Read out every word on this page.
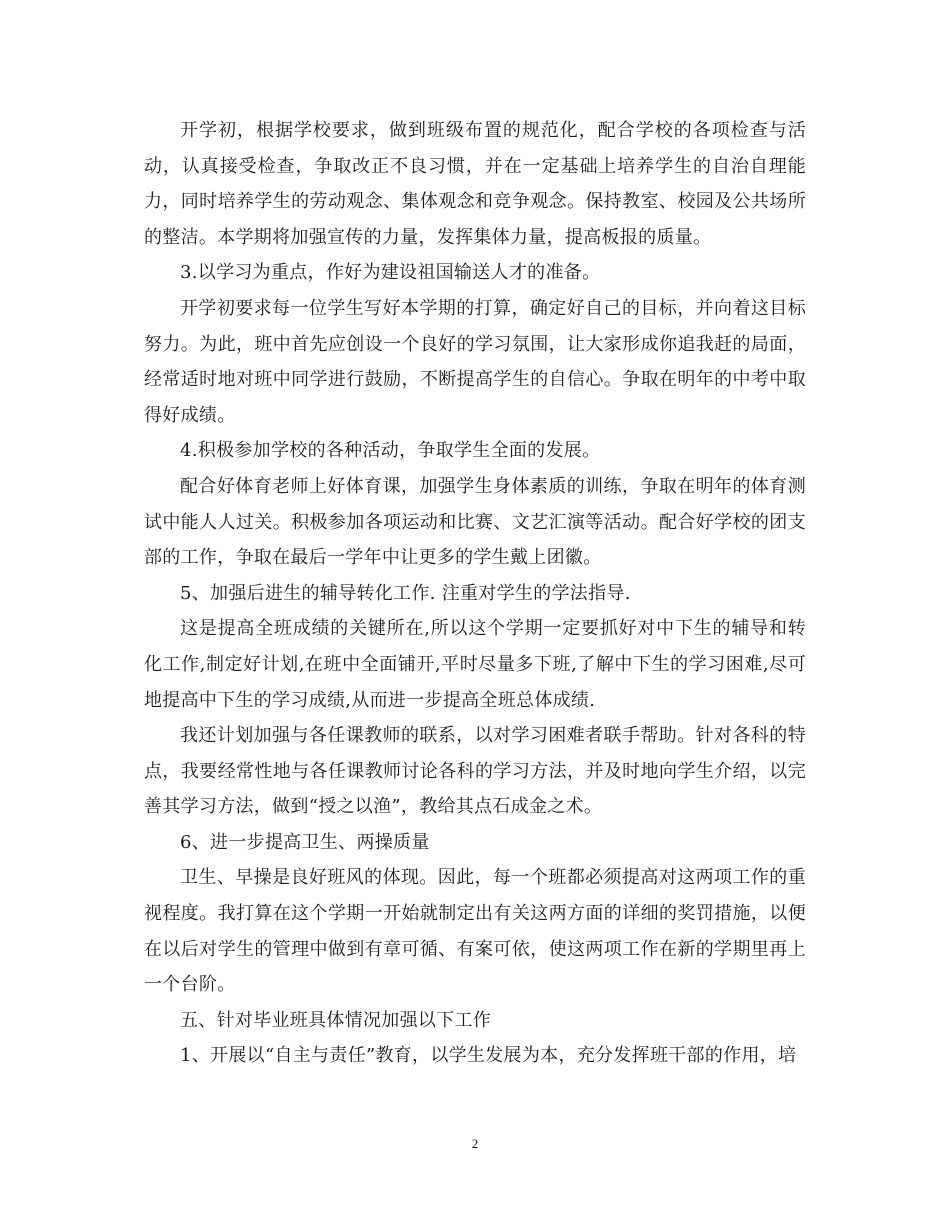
开学初，根据学校要求，做到班级布置的规范化，配合学校的各项检查与活动，认真接受检查，争取改正不良习惯，并在一定基础上培养学生的自治自理能力，同时培养学生的劳动观念、集体观念和竞争观念。保持教室、校园及公共场所的整洁。本学期将加强宣传的力量，发挥集体力量，提高板报的质量。

3.以学习为重点，作好为建设祖国输送人才的准备。

开学初要求每一位学生写好本学期的打算，确定好自己的目标，并向着这目标努力。为此，班中首先应创设一个良好的学习氛围，让大家形成你追我赶的局面，经常适时地对班中同学进行鼓励，不断提高学生的自信心。争取在明年的中考中取得好成绩。

4.积极参加学校的各种活动，争取学生全面的发展。

配合好体育老师上好体育课，加强学生身体素质的训练，争取在明年的体育测试中能人人过关。积极参加各项运动和比赛、文艺汇演等活动。配合好学校的团支部的工作，争取在最后一学年中让更多的学生戴上团徽。

5、加强后进生的辅导转化工作. 注重对学生的学法指导.

这是提高全班成绩的关键所在,所以这个学期一定要抓好对中下生的辅导和转化工作,制定好计划,在班中全面铺开,平时尽量多下班,了解中下生的学习困难,尽可地提高中下生的学习成绩,从而进一步提高全班总体成绩.

我还计划加强与各任课教师的联系，以对学习困难者联手帮助。针对各科的特点，我要经常性地与各任课教师讨论各科的学习方法，并及时地向学生介绍，以完善其学习方法，做到“授之以渔”，教给其点石成金之术。

6、进一步提高卫生、两操质量

卫生、早操是良好班风的体现。因此，每一个班都必须提高对这两项工作的重视程度。我打算在这个学期一开始就制定出有关这两方面的详细的奖罚措施，以便在以后对学生的管理中做到有章可循、有案可依，使这两项工作在新的学期里再上一个台阶。

五、针对毕业班具体情况加强以下工作

1、开展以“自主与责任”教育，以学生发展为本，充分发挥班干部的作用，培

2
